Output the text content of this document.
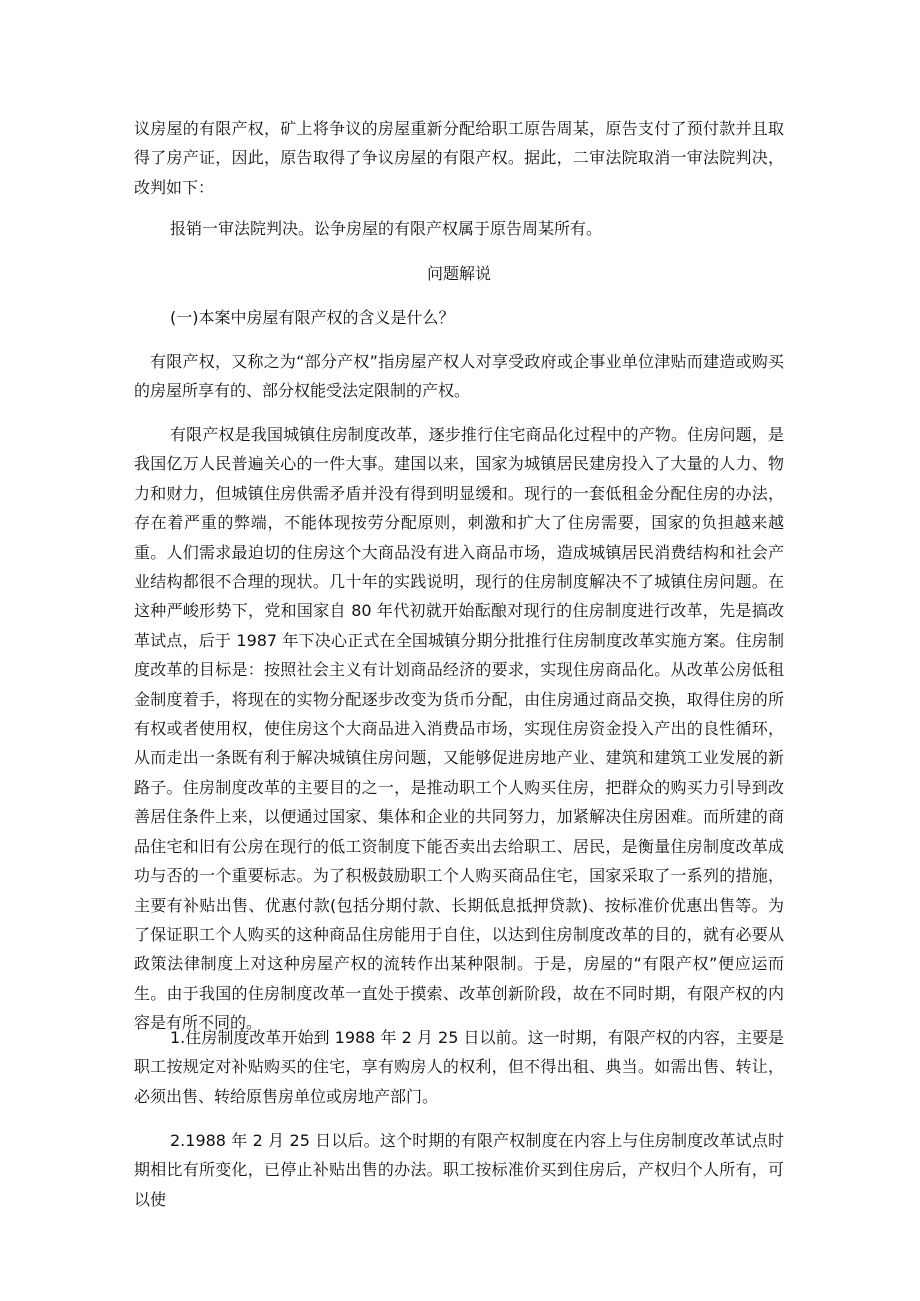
议房屋的有限产权，矿上将争议的房屋重新分配给职工原告周某，原告支付了预付款并且取得了房产证，因此，原告取得了争议房屋的有限产权。据此，二审法院取消一审法院判决，改判如下：

报销一审法院判决。讼争房屋的有限产权属于原告周某所有。

问题解说

(一)本案中房屋有限产权的含义是什么？

有限产权，又称之为“部分产权”指房屋产权人对享受政府或企事业单位津贴而建造或购买的房屋所享有的、部分权能受法定限制的产权。

有限产权是我国城镇住房制度改革，逐步推行住宅商品化过程中的产物。住房问题，是我国亿万人民普遍关心的一件大事。建国以来，国家为城镇居民建房投入了大量的人力、物力和财力，但城镇住房供需矛盾并没有得到明显缓和。现行的一套低租金分配住房的办法，存在着严重的弊端，不能体现按劳分配原则，刺激和扩大了住房需要，国家的负担越来越重。人们需求最迫切的住房这个大商品没有进入商品市场，造成城镇居民消费结构和社会产业结构都很不合理的现状。几十年的实践说明，现行的住房制度解决不了城镇住房问题。在这种严峻形势下，党和国家自 80 年代初就开始酝酿对现行的住房制度进行改革，先是搞改革试点，后于 1987 年下决心正式在全国城镇分期分批推行住房制度改革实施方案。住房制度改革的目标是：按照社会主义有计划商品经济的要求，实现住房商品化。从改革公房低租金制度着手，将现在的实物分配逐步改变为货币分配，由住房通过商品交换，取得住房的所有权或者使用权，使住房这个大商品进入消费品市场，实现住房资金投入产出的良性循环，从而走出一条既有利于解决城镇住房问题，又能够促进房地产业、建筑和建筑工业发展的新路子。住房制度改革的主要目的之一，是推动职工个人购买住房，把群众的购买力引导到改善居住条件上来，以便通过国家、集体和企业的共同努力，加紧解决住房困难。而所建的商品住宅和旧有公房在现行的低工资制度下能否卖出去给职工、居民，是衡量住房制度改革成功与否的一个重要标志。为了积极鼓励职工个人购买商品住宅，国家采取了一系列的措施，主要有补贴出售、优惠付款(包括分期付款、长期低息抵押贷款)、按标准价优惠出售等。为了保证职工个人购买的这种商品住房能用于自住，以达到住房制度改革的目的，就有必要从政策法律制度上对这种房屋产权的流转作出某种限制。于是，房屋的“有限产权”便应运而生。由于我国的住房制度改革一直处于摸索、改革创新阶段，故在不同时期，有限产权的内容是有所不同的。

1.住房制度改革开始到 1988 年 2 月 25 日以前。这一时期，有限产权的内容，主要是职工按规定对补贴购买的住宅，享有购房人的权利，但不得出租、典当。如需出售、转让， 必须出售、转给原售房单位或房地产部门。

2.1988 年 2 月 25 日以后。这个时期的有限产权制度在内容上与住房制度改革试点时期相比有所变化，已停止补贴出售的办法。职工按标准价买到住房后，产权归个人所有，可以使
